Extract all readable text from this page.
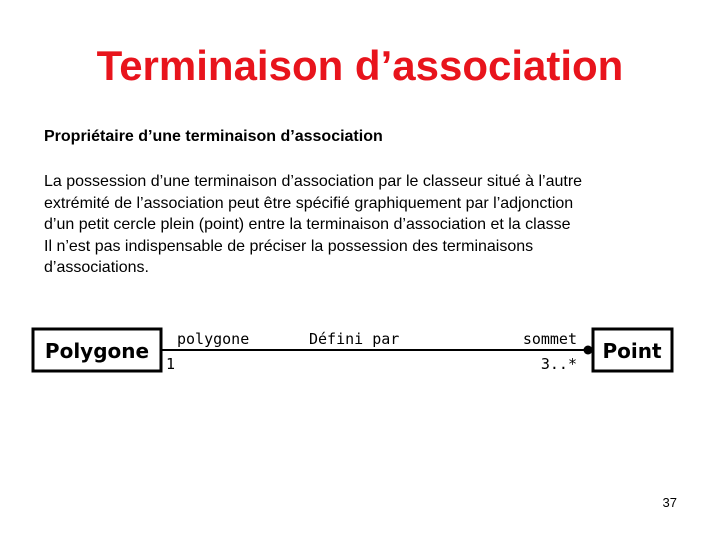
Terminaison d’association
Propriétaire d’une terminaison d’association
La possession d’une terminaison d’association par le classeur situé à l’autre
extrémité de l’association peut être spécifié graphiquement par l’adjonction
d’un petit cercle plein (point) entre la terminaison d’association et la classe
Il n’est pas indispensable de préciser la possession des terminaisons
d’associations.
Polygone	Point
polygone	Défini par	sommet
1	3..*
37
